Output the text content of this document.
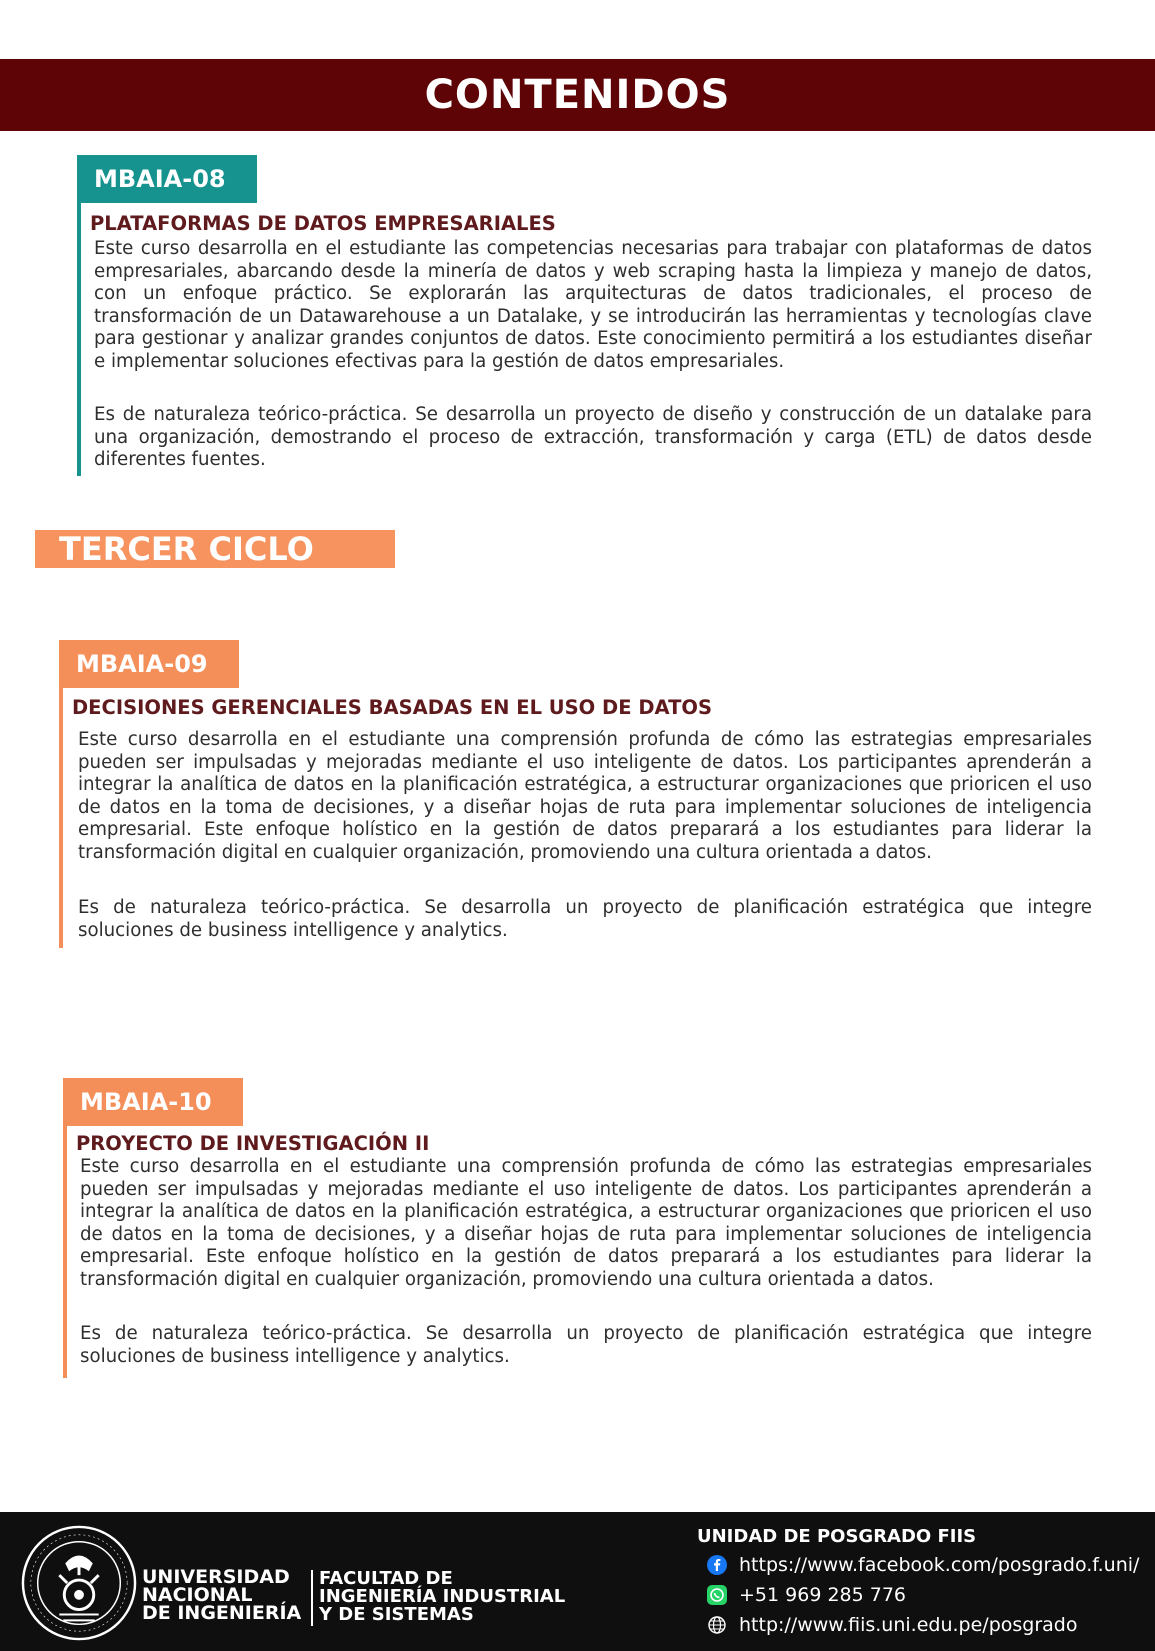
CONTENIDOS
MBAIA-08
PLATAFORMAS DE DATOS EMPRESARIALES

Este curso desarrolla en el estudiante las competencias necesarias para trabajar con plataformas de datos empresariales, abarcando desde la minería de datos y web scraping hasta la limpieza y manejo de datos, con un enfoque práctico. Se explorarán las arquitecturas de datos tradicionales, el proceso de transformación de un Datawarehouse a un Datalake, y se introducirán las herramientas y tecnologías clave para gestionar y analizar grandes conjuntos de datos. Este conocimiento permitirá a los estudiantes diseñar e implementar soluciones efectivas para la gestión de datos empresariales.

Es de naturaleza teórico-práctica. Se desarrolla un proyecto de diseño y construcción de un datalake para una organización, demostrando el proceso de extracción, transformación y carga (ETL) de datos desde diferentes fuentes.

TERCER CICLO
MBAIA-09
DECISIONES GERENCIALES BASADAS EN EL USO DE DATOS

Este curso desarrolla en el estudiante una comprensión profunda de cómo las estrategias empresariales pueden ser impulsadas y mejoradas mediante el uso inteligente de datos. Los participantes aprenderán a integrar la analítica de datos en la planificación estratégica, a estructurar organizaciones que prioricen el uso de datos en la toma de decisiones, y a diseñar hojas de ruta para implementar soluciones de inteligencia empresarial. Este enfoque holístico en la gestión de datos preparará a los estudiantes para liderar la transformación digital en cualquier organización, promoviendo una cultura orientada a datos.

Es de naturaleza teórico-práctica. Se desarrolla un proyecto de planificación estratégica que integre soluciones de business intelligence y analytics.

MBAIA-10
PROYECTO DE INVESTIGACIÓN II

Este curso desarrolla en el estudiante una comprensión profunda de cómo las estrategias empresariales pueden ser impulsadas y mejoradas mediante el uso inteligente de datos. Los participantes aprenderán a integrar la analítica de datos en la planificación estratégica, a estructurar organizaciones que prioricen el uso de datos en la toma de decisiones, y a diseñar hojas de ruta para implementar soluciones de inteligencia empresarial. Este enfoque holístico en la gestión de datos preparará a los estudiantes para liderar la transformación digital en cualquier organización, promoviendo una cultura orientada a datos.

Es de naturaleza teórico-práctica. Se desarrolla un proyecto de planificación estratégica que integre soluciones de business intelligence y analytics.

UNIVERSIDAD
NACIONAL
DE INGENIERÍA
FACULTAD DE
INGENIERÍA INDUSTRIAL
Y DE SISTEMAS
UNIDAD DE POSGRADO FIIS
https://www.facebook.com/posgrado.f.uni/
+51 969 285 776
http://www.fiis.uni.edu.pe/posgrado
